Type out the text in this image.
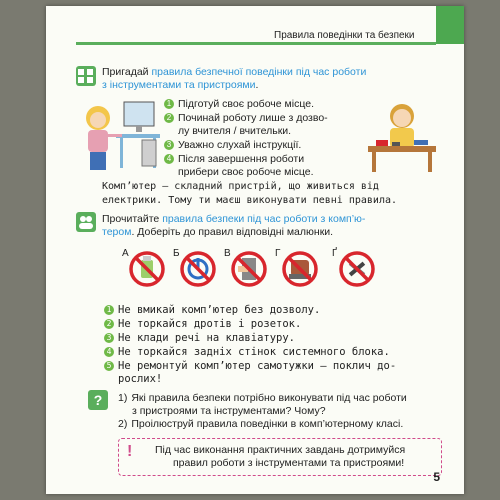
Правила поведінки та безпеки
Пригадай правила безпечної поведінки під час роботи
з інструментами та пристроями.
1 Підготуй своє робоче місце.
2 Починай роботу лише з дозво-
лу вчителя / вчительки.
3 Уважно слухай інструкції.
4 Після завершення роботи
прибери своє робоче місце.
Комп’ютер — складний пристрій, що живиться від
електрики. Тому ти маєш виконувати певні правила.
Прочитайте правила безпеки під час роботи з комп’ю-
тером. Доберіть до правил відповідні малюнки.
А	Б	В	Г	Ґ
1 Не вмикай комп’ютер без дозволу.
2 Не торкайся дротів і розеток.
3 Не клади речі на клавіатуру.
4 Не торкайся задніх стінок системного блока.
5 Не ремонтуй комп’ютер самотужки — поклич до-
рослих!
? 1) Які правила безпеки потрібно виконувати під час роботи
з пристроями та інструментами? Чому?
2) Проілюструй правила поведінки в комп’ютерному класі.
! Під час виконання практичних завдань дотримуйся
правил роботи з інструментами та пристроями!
5
